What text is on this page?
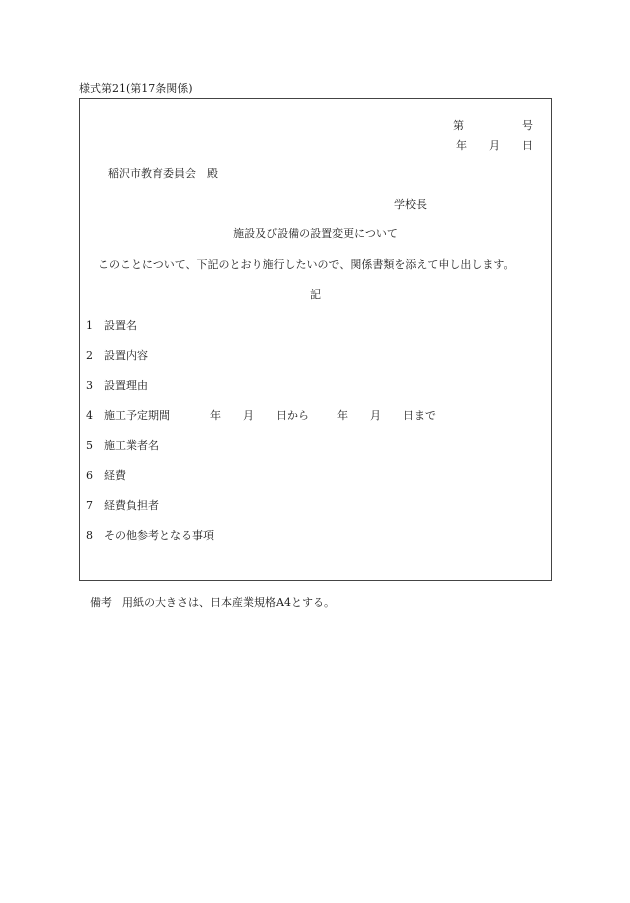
様式第21(第17条関係)
第	号
年 月 日
稲沢市教育委員会　殿
学校長
施設及び設備の設置変更について
このことについて、下記のとおり施行したいので、関係書類を添えて申し出します。
記
1 設置名
2 設置内容
3 設置理由
4 施工予定期間	年 月 日から	年 月 日まで
5 施工業者名
6 経費
7 経費負担者
8 その他参考となる事項
備考 用紙の大きさは、日本産業規格A4とする。
